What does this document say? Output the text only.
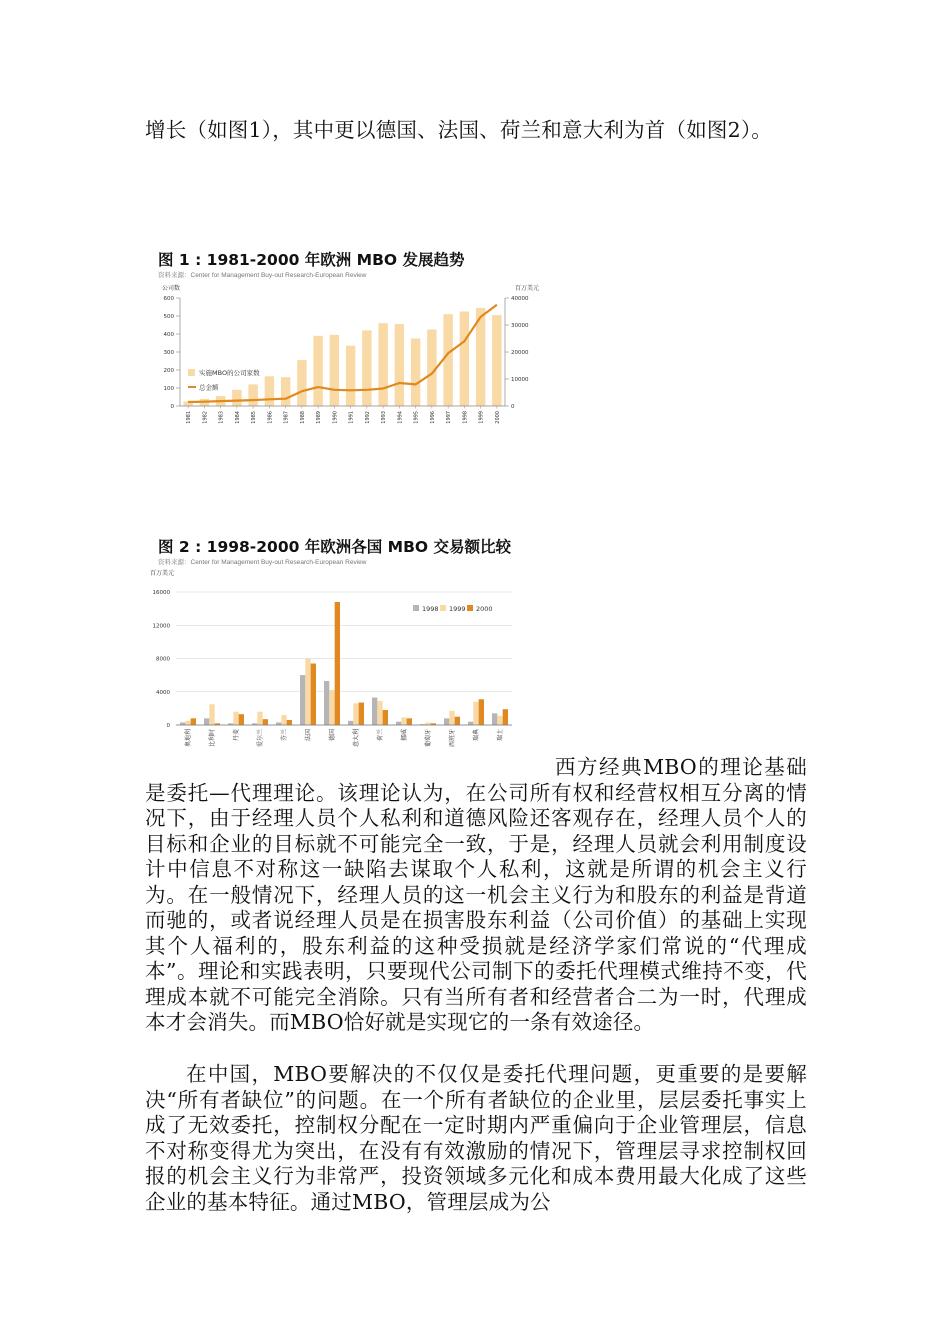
增长（如图1），其中更以德国、法国、荷兰和意大利为首（如图2）。

图 1 : 1981-2000 年欧洲 MBO 发展趋势
资料来源：Center for Management Buy-out Research-European Review
公司数	百万美元
0
100
200
300
400
500
600
0
10000
20000
30000
40000
1981 1982 1983 1984 1985 1986 1987 1988 1989 1990 1991 1992 1993 1994 1995 1996 1997 1998 1999 2000
实施MBO的公司家数
总金额
图 2 : 1998-2000 年欧洲各国 MBO 交易额比较
资料来源：Center for Management Buy-out Research-European Review
百万美元
0
4000
8000
12000
16000
奥地利	比利时	丹麦	爱尔兰	芬兰	法国	德国	意大利	荷兰	挪威	葡萄牙	西班牙	瑞典	瑞士
1998 1999 2000

西方经典MBO的理论基础是委托—代理理论。该理论认为，在公司所有权和经营权相互分离的情况下，由于经理人员个人私利和道德风险还客观存在，经理人员个人的目标和企业的目标就不可能完全一致，于是，经理人员就会利用制度设计中信息不对称这一缺陷去谋取个人私利，这就是所谓的机会主义行为。在一般情况下，经理人员的这一机会主义行为和股东的利益是背道而驰的，或者说经理人员是在损害股东利益（公司价值）的基础上实现其个人福利的，股东利益的这种受损就是经济学家们常说的“代理成本”。理论和实践表明，只要现代公司制下的委托代理模式维持不变，代理成本就不可能完全消除。只有当所有者和经营者合二为一时，代理成本才会消失。而MBO恰好就是实现它的一条有效途径。

在中国，MBO要解决的不仅仅是委托代理问题，更重要的是要解决“所有者缺位”的问题。在一个所有者缺位的企业里，层层委托事实上成了无效委托，控制权分配在一定时期内严重偏向于企业管理层，信息不对称变得尤为突出，在没有有效激励的情况下，管理层寻求控制权回报的机会主义行为非常严，投资领域多元化和成本费用最大化成了这些企业的基本特征。通过MBO，管理层成为公
